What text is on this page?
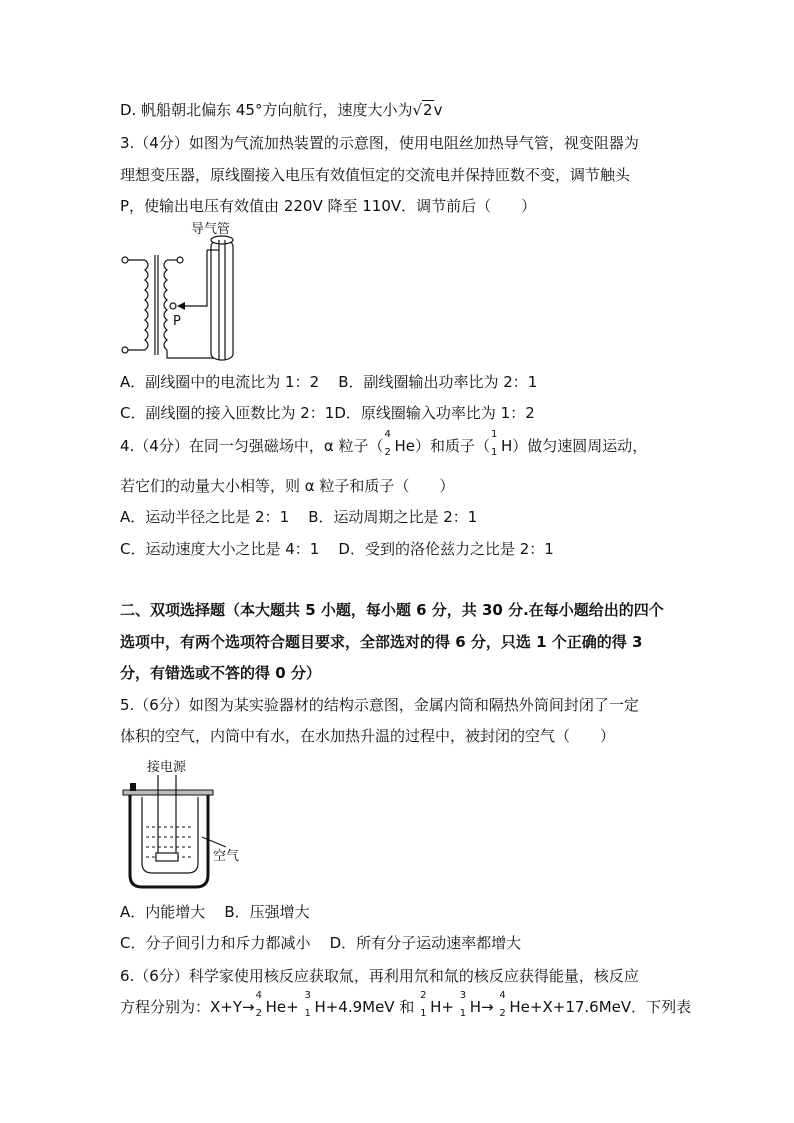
D. 帆船朝北偏东 45°方向航行，速度大小为√2v
3.（4分）如图为气流加热装置的示意图，使用电阻丝加热导气管，视变阻器为
理想变压器，原线圈接入电压有效值恒定的交流电并保持匝数不变，调节触头
P，使输出电压有效值由 220V 降至 110V．调节前后（　　）
导气管
P
A．副线圈中的电流比为 1：2 B．副线圈输出功率比为 2：1
C．副线圈的接入匝数比为 2：1D．原线圈输入功率比为 1：2
4.（4分）在同一匀强磁场中，α 粒子（
4
2 He）和质子（
1
1 H）做匀速圆周运动，
若它们的动量大小相等，则 α 粒子和质子（　　）
A．运动半径之比是 2：1 B．运动周期之比是 2：1
C．运动速度大小之比是 4：1 D．受到的洛伦兹力之比是 2：1
二、双项选择题（本大题共 5 小题，每小题 6 分，共 30 分.在每小题给出的四个
选项中，有两个选项符合题目要求，全部选对的得 6 分，只选 1 个正确的得 3
分，有错选或不答的得 0 分）
5.（6分）如图为某实验器材的结构示意图，金属内筒和隔热外筒间封闭了一定
体积的空气，内筒中有水，在水加热升温的过程中，被封闭的空气（　　）
接电源
空气
A．内能增大 B．压强增大
C．分子间引力和斥力都减小 D．所有分子运动速率都增大
6.（6分）科学家使用核反应获取氚，再利用氘和氚的核反应获得能量，核反应
方程分别为：X+Y→
4
2 He+
3
1 H+4.9MeV 和
2
1 H+
3
1 H→
4
2 He+X+17.6MeV．下列表
